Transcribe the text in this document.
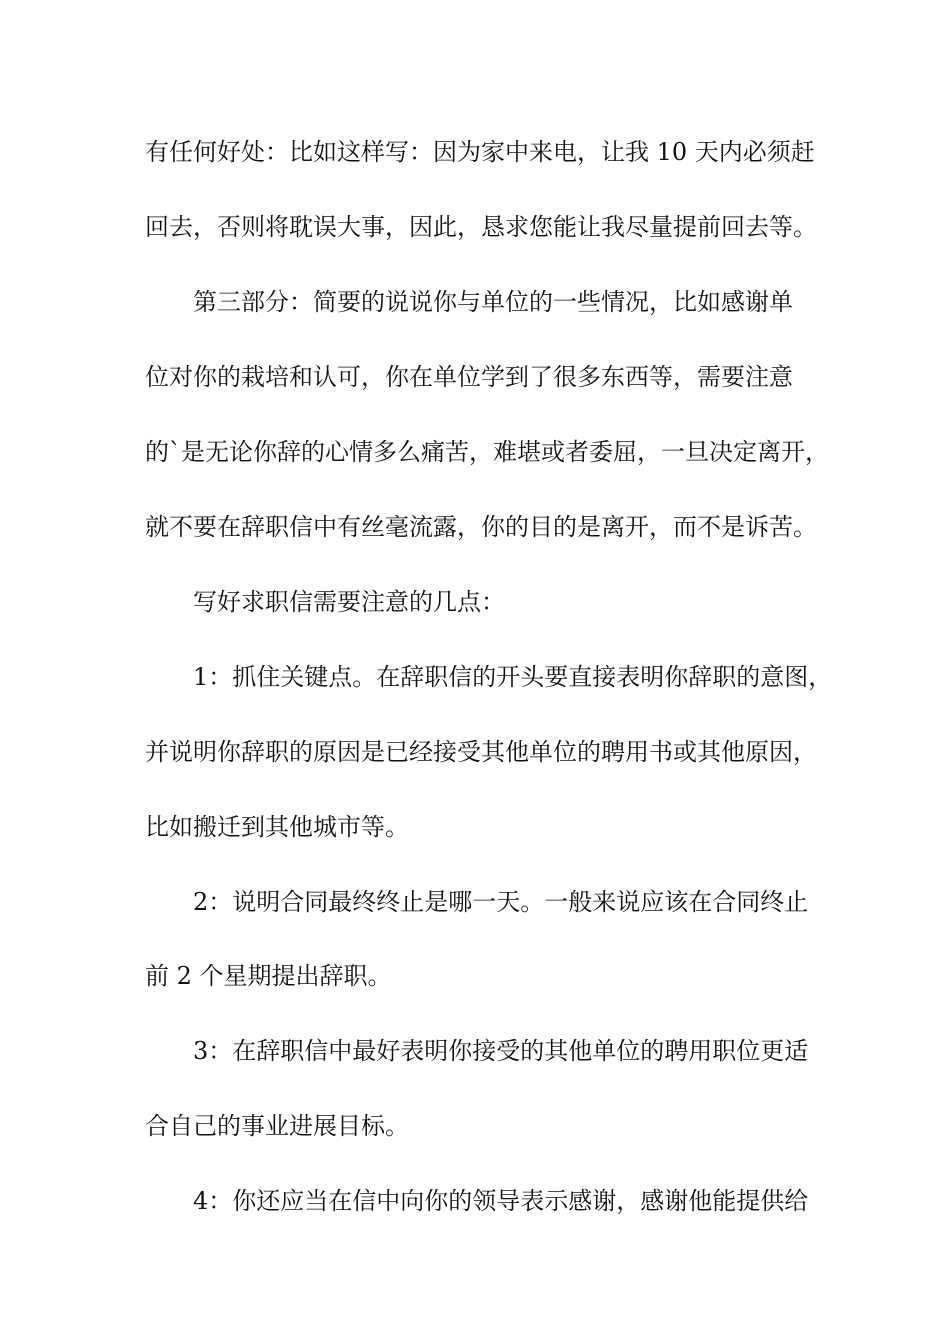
有任何好处：比如这样写：因为家中来电，让我 10 天内必须赶
回去，否则将耽误大事，因此，恳求您能让我尽量提前回去等。
第三部分：简要的说说你与单位的一些情况，比如感谢单
位对你的栽培和认可，你在单位学到了很多东西等，需要注意
的`是无论你辞的心情多么痛苦，难堪或者委屈，一旦决定离开，
就不要在辞职信中有丝毫流露，你的目的是离开，而不是诉苦。
写好求职信需要注意的几点：
1：抓住关键点。在辞职信的开头要直接表明你辞职的意图，
并说明你辞职的原因是已经接受其他单位的聘用书或其他原因，
比如搬迁到其他城市等。
2：说明合同最终终止是哪一天。一般来说应该在合同终止
前 2 个星期提出辞职。
3：在辞职信中最好表明你接受的其他单位的聘用职位更适
合自己的事业进展目标。
4：你还应当在信中向你的领导表示感谢，感谢他能提供给
